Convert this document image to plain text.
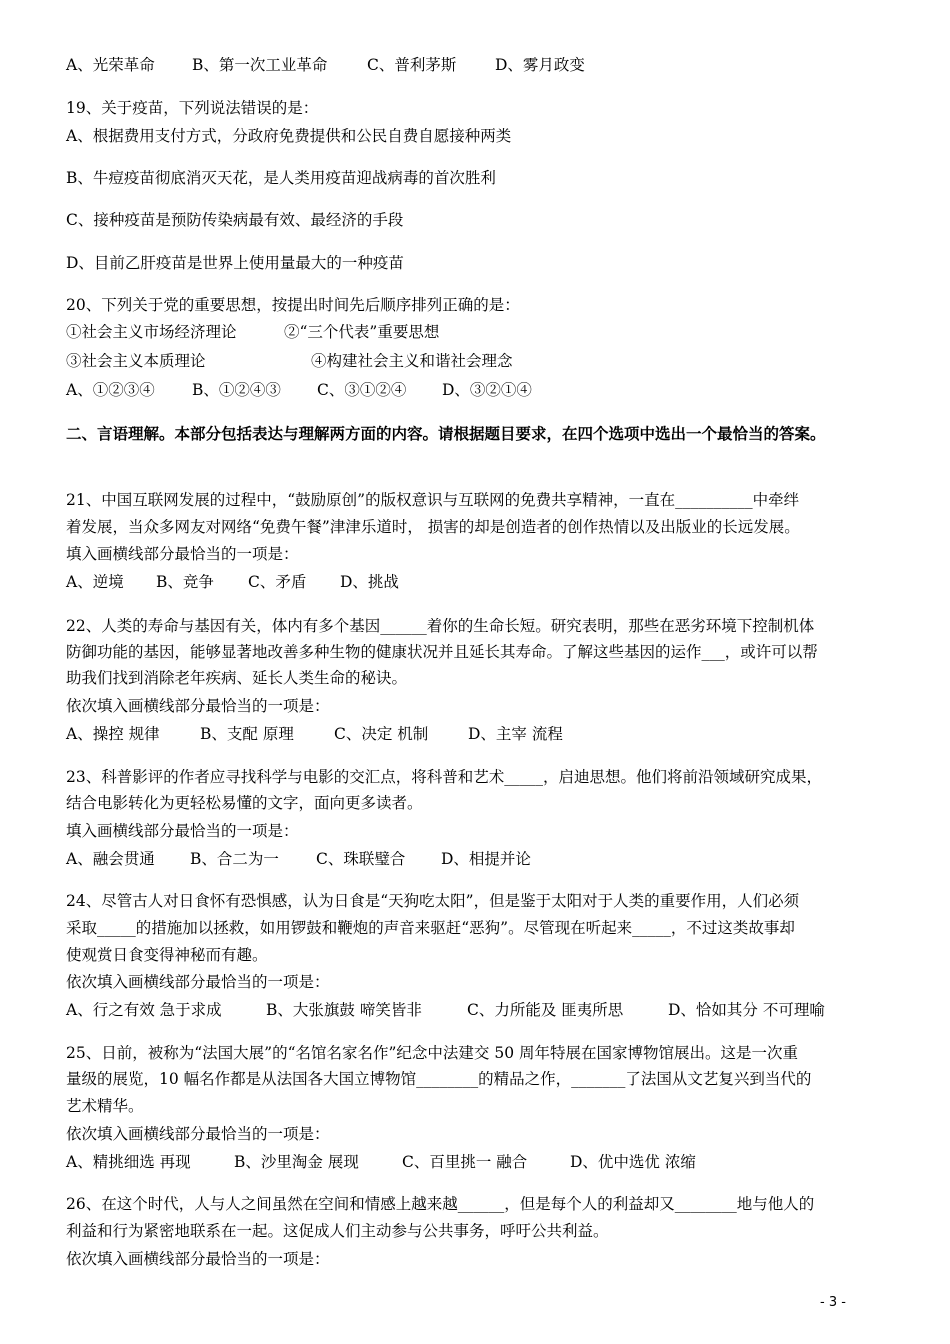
A、光荣革命 B、第一次工业革命	C、普利茅斯 D、雾月政变
19、关于疫苗，下列说法错误的是：
A、根据费用支付方式，分政府免费提供和公民自费自愿接种两类
B、牛痘疫苗彻底消灭天花，是人类用疫苗迎战病毒的首次胜利
C、接种疫苗是预防传染病最有效、最经济的手段
D、目前乙肝疫苗是世界上使用量最大的一种疫苗
20、下列关于党的重要思想，按提出时间先后顺序排列正确的是：
①社会主义市场经济理论	②“三个代表”重要思想
③社会主义本质理论	④构建社会主义和谐社会理念
A、①②③④ B、①②④③ C、③①②④ D、③②①④
二、言语理解。本部分包括表达与理解两方面的内容。请根据题目要求，在四个选项中选出一个最恰当的答案。
21、中国互联网发展的过程中，“鼓励原创”的版权意识与互联网的免费共享精神，一直在__________中牵绊
着发展，当众多网友对网络“免费午餐”津津乐道时， 损害的却是创造者的创作热情以及出版业的长远发展。
填入画横线部分最恰当的一项是：
A、逆境 B、竞争 C、矛盾 D、挑战
22、人类的寿命与基因有关，体内有多个基因______着你的生命长短。研究表明，那些在恶劣环境下控制机体
防御功能的基因，能够显著地改善多种生物的健康状况并且延长其寿命。了解这些基因的运作___，或许可以帮
助我们找到消除老年疾病、延长人类生命的秘诀。
依次填入画横线部分最恰当的一项是：
A、操控 规律	B、支配 原理	C、决定 机制	D、主宰 流程
23、科普影评的作者应寻找科学与电影的交汇点，将科普和艺术_____，启迪思想。他们将前沿领域研究成果，
结合电影转化为更轻松易懂的文字，面向更多读者。
填入画横线部分最恰当的一项是：
A、融会贯通 B、合二为一 C、珠联璧合 D、相提并论
24、尽管古人对日食怀有恐惧感，认为日食是“天狗吃太阳”，但是鉴于太阳对于人类的重要作用，人们必须
采取_____的措施加以拯救，如用锣鼓和鞭炮的声音来驱赶“恶狗”。尽管现在听起来_____，不过这类故事却
使观赏日食变得神秘而有趣。
依次填入画横线部分最恰当的一项是：
A、行之有效 急于求成	B、大张旗鼓 啼笑皆非	C、力所能及 匪夷所思	D、恰如其分 不可理喻
25、日前，被称为“法国大展”的“名馆名家名作”纪念中法建交 50 周年特展在国家博物馆展出。这是一次重
量级的展览，10 幅名作都是从法国各大国立博物馆________的精品之作，_______了法国从文艺复兴到当代的
艺术精华。
依次填入画横线部分最恰当的一项是：
A、精挑细选 再现	B、沙里淘金 展现	C、百里挑一 融合	D、优中选优 浓缩
26、在这个时代，人与人之间虽然在空间和情感上越来越______，但是每个人的利益却又________地与他人的
利益和行为紧密地联系在一起。这促成人们主动参与公共事务，呼吁公共利益。
依次填入画横线部分最恰当的一项是：
- 3 -
